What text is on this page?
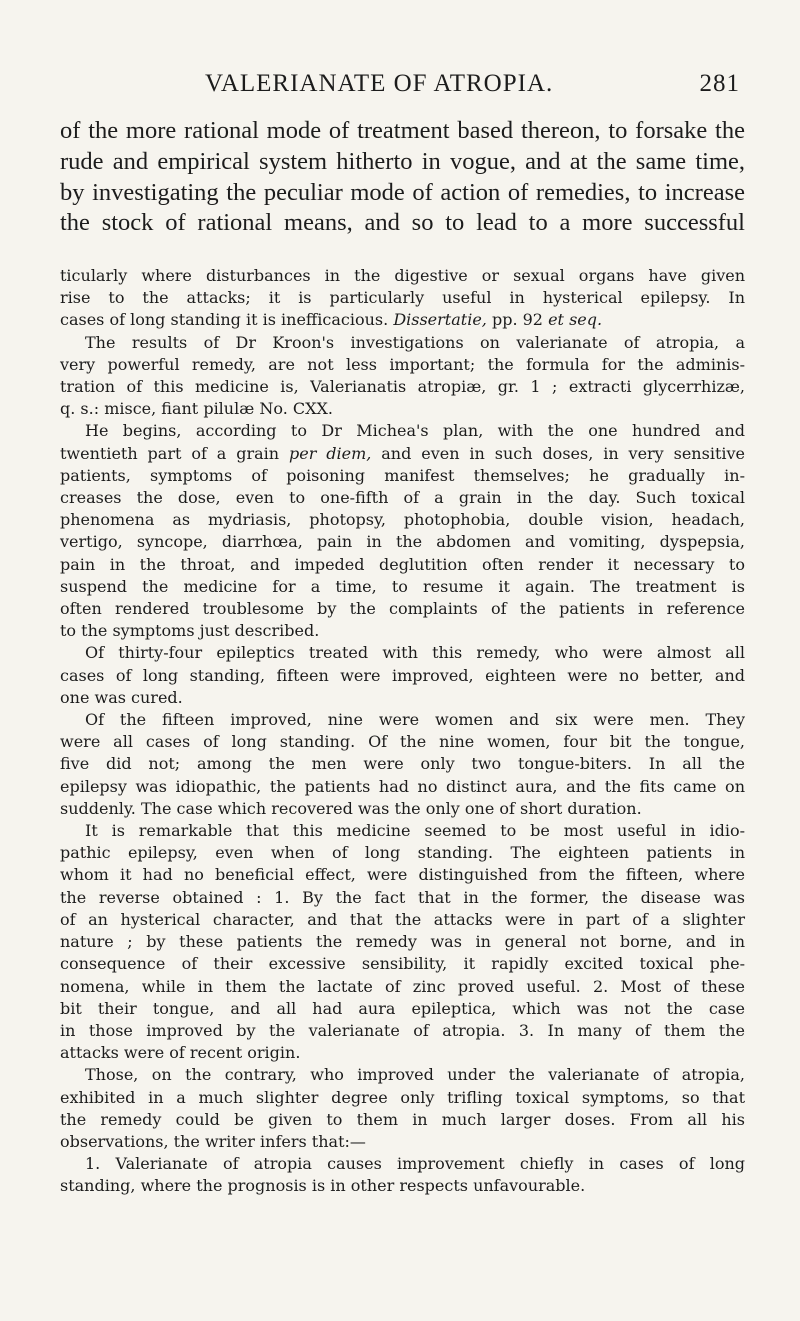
VALERIANATE OF ATROPIA.	281
of the more rational mode of treatment based thereon, to forsake the
rude and empirical system hitherto in vogue, and at the same time,
by investigating the peculiar mode of action of remedies, to increase
the stock of rational means, and so to lead to a more successful
ticularly where disturbances in the digestive or sexual organs have given
rise to the attacks; it is particularly useful in hysterical epilepsy. In
cases of long standing it is inefficacious. Dissertatie, pp. 92 et seq.
The results of Dr Kroon's investigations on valerianate of atropia, a
very powerful remedy, are not less important; the formula for the adminis-
tration of this medicine is, Valerianatis atropiæ, gr. 1 ; extracti glycerrhizæ,
q. s.: misce, fiant pilulæ No. CXX.
He begins, according to Dr Michea's plan, with the one hundred and
twentieth part of a grain per diem, and even in such doses, in very sensitive
patients, symptoms of poisoning manifest themselves; he gradually in-
creases the dose, even to one-fifth of a grain in the day. Such toxical
phenomena as mydriasis, photopsy, photophobia, double vision, headach,
vertigo, syncope, diarrhœa, pain in the abdomen and vomiting, dyspepsia,
pain in the throat, and impeded deglutition often render it necessary to
suspend the medicine for a time, to resume it again. The treatment is
often rendered troublesome by the complaints of the patients in reference
to the symptoms just described.
Of thirty-four epileptics treated with this remedy, who were almost all
cases of long standing, fifteen were improved, eighteen were no better, and
one was cured.
Of the fifteen improved, nine were women and six were men. They
were all cases of long standing. Of the nine women, four bit the tongue,
five did not; among the men were only two tongue-biters. In all the
epilepsy was idiopathic, the patients had no distinct aura, and the fits came on
suddenly. The case which recovered was the only one of short duration.
It is remarkable that this medicine seemed to be most useful in idio-
pathic epilepsy, even when of long standing. The eighteen patients in
whom it had no beneficial effect, were distinguished from the fifteen, where
the reverse obtained : 1. By the fact that in the former, the disease was
of an hysterical character, and that the attacks were in part of a slighter
nature ; by these patients the remedy was in general not borne, and in
consequence of their excessive sensibility, it rapidly excited toxical phe-
nomena, while in them the lactate of zinc proved useful. 2. Most of these
bit their tongue, and all had aura epileptica, which was not the case
in those improved by the valerianate of atropia. 3. In many of them the
attacks were of recent origin.
Those, on the contrary, who improved under the valerianate of atropia,
exhibited in a much slighter degree only trifling toxical symptoms, so that
the remedy could be given to them in much larger doses. From all his
observations, the writer infers that:—
1. Valerianate of atropia causes improvement chiefly in cases of long
standing, where the prognosis is in other respects unfavourable.
